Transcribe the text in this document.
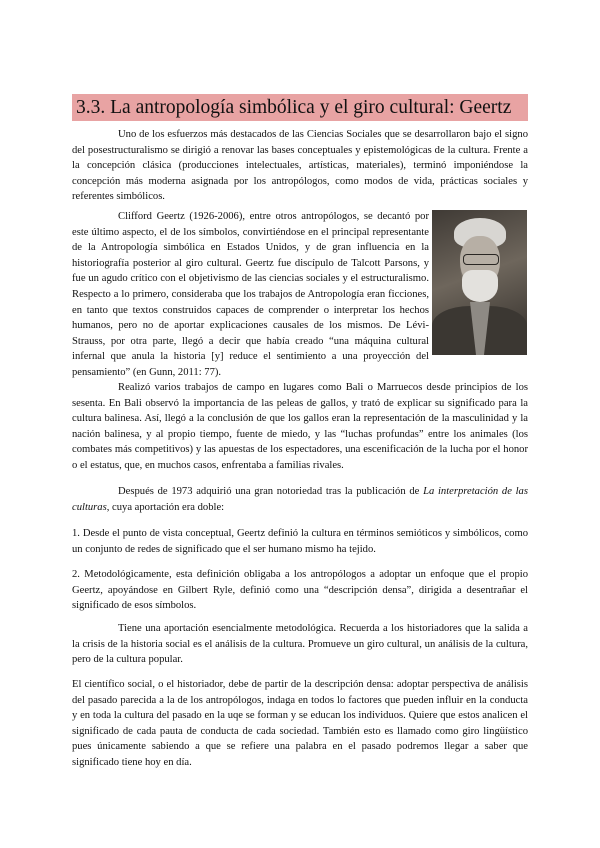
3.3. La antropología simbólica y el giro cultural: Geertz

Uno de los esfuerzos más destacados de las Ciencias Sociales que se desarrollaron bajo el signo del posestructuralismo se dirigió a renovar las bases conceptuales y epistemológicas de la cultura. Frente a la concepción clásica (producciones intelectuales, artísticas, materiales), terminó imponiéndose la concepción más moderna asignada por los antropólogos, como modos de vida, prácticas sociales y referentes simbólicos.

Clifford Geertz (1926-2006), entre otros antropólogos, se decantó por este último aspecto, el de los símbolos, convirtiéndose en el principal representante de la Antropología simbólica en Estados Unidos, y de gran influencia en la historiografía posterior al giro cultural. Geertz fue discípulo de Talcott Parsons, y fue un agudo crítico con el objetivismo de las ciencias sociales y el estructuralismo. Respecto a lo primero, consideraba que los trabajos de Antropología eran ficciones, en tanto que textos construidos capaces de comprender o interpretar los hechos humanos, pero no de aportar explicaciones causales de los mismos. De Lévi-Strauss, por otra parte, llegó a decir que había creado “una máquina cultural infernal que anula la historia [y] reduce el sentimiento a una proyección del pensamiento” (en Gunn, 2011: 77).

Realizó varios trabajos de campo en lugares como Bali o Marruecos desde principios de los sesenta. En Bali observó la importancia de las peleas de gallos, y trató de explicar su significado para la cultura balinesa. Así, llegó a la conclusión de que los gallos eran la representación de la masculinidad y la nación balinesa, y al propio tiempo, fuente de miedo, y las “luchas profundas” entre los animales (los combates más competitivos) y las apuestas de los espectadores, una escenificación de la lucha por el honor o el estatus, que, en muchos casos, enfrentaba a familias rivales.

Después de 1973 adquirió una gran notoriedad tras la publicación de La interpretación de las culturas, cuya aportación era doble:

1. Desde el punto de vista conceptual, Geertz definió la cultura en términos semióticos y simbólicos, como un conjunto de redes de significado que el ser humano mismo ha tejido.

2. Metodológicamente, esta definición obligaba a los antropólogos a adoptar un enfoque que el propio Geertz, apoyándose en Gilbert Ryle, definió como una “descripción densa”, dirigida a desentrañar el significado de esos símbolos.

Tiene una aportación esencialmente metodológica. Recuerda a los historiadores que la salida a la crisis de la historia social es el análisis de la cultura. Promueve un giro cultural, un análisis de la cultura, pero de la cultura popular.

El científico social, o el historiador, debe de partir de la descripción densa: adoptar perspectiva de análisis del pasado parecida a la de los antropólogos, indaga en todos lo factores que pueden influir en la conducta y en toda la cultura del pasado en la uqe se forman y se educan los individuos. Quiere que estos analicen el significado de cada pauta de conducta de cada sociedad. También esto es llamado como giro lingüístico pues únicamente sabiendo a que se refiere una palabra en el pasado podremos llegar a saber que significado tiene hoy en día.
